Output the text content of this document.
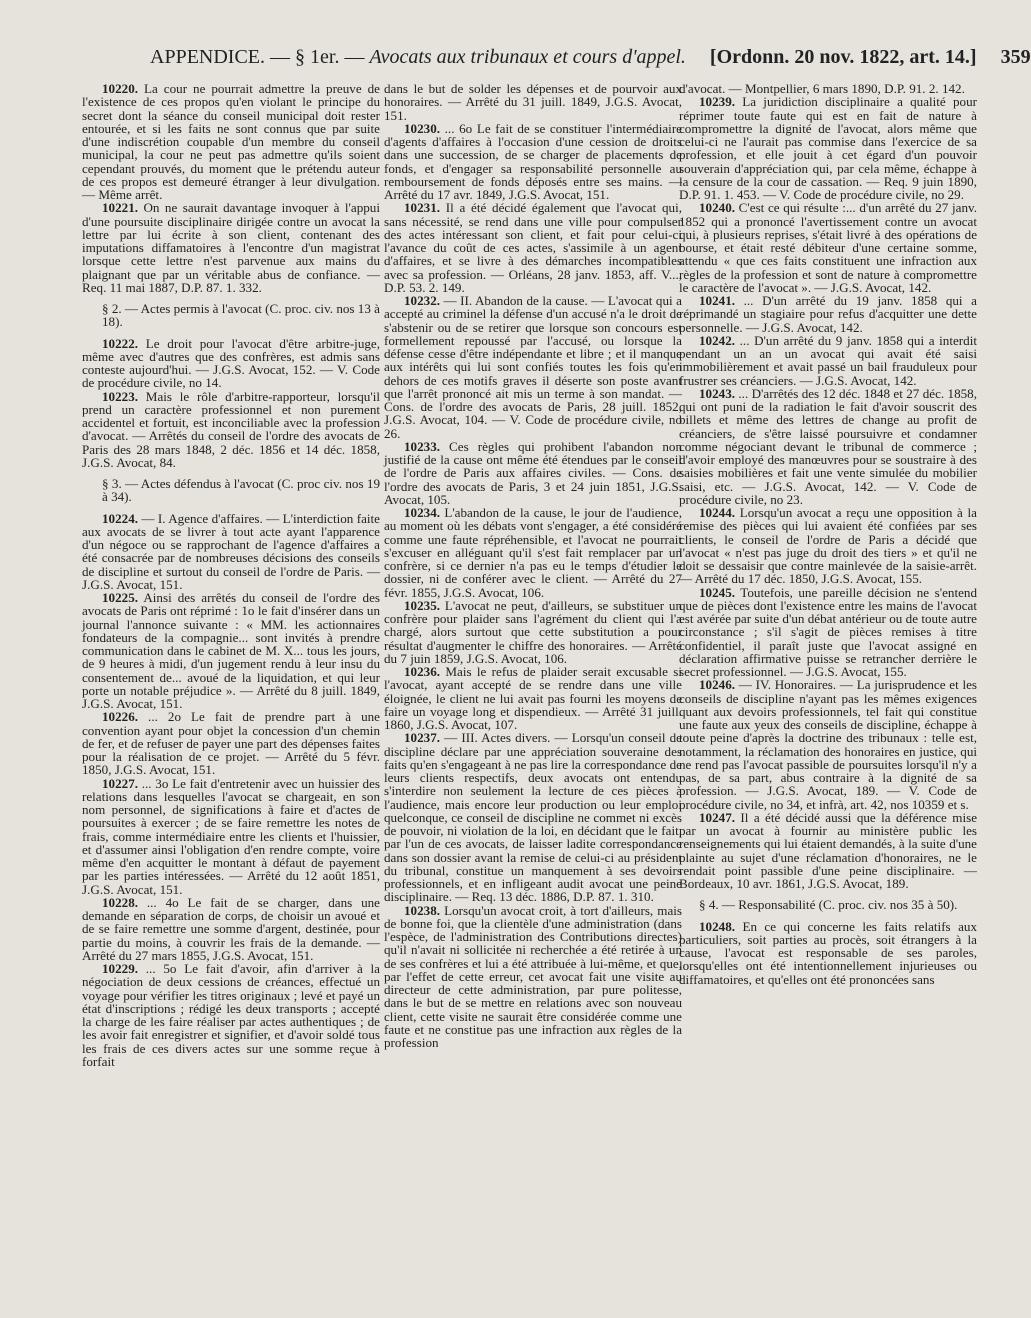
APPENDICE. — § 1er. — Avocats aux tribunaux et cours d'appel. [Ordonn. 20 nov. 1822, art. 14.] 359

10220. La cour ne pourrait admettre la preuve de l'existence de ces propos qu'en violant le principe du secret dont la séance du conseil municipal doit rester entourée, et si les faits ne sont connus que par suite d'une indiscrétion coupable d'un membre du conseil municipal, la cour ne peut pas admettre qu'ils soient cependant prouvés, du moment que le prétendu auteur de ces propos est demeuré étranger à leur divulgation. — Même arrêt.

10221. On ne saurait davantage invoquer à l'appui d'une poursuite disciplinaire dirigée contre un avocat la lettre par lui écrite à son client, contenant des imputations diffamatoires à l'encontre d'un magistrat lorsque cette lettre n'est parvenue aux mains du plaignant que par un véritable abus de confiance. — Req. 11 mai 1887, D.P. 87. 1. 332.

§ 2. — Actes permis à l'avocat (C. proc. civ. nos 13 à 18).

10222. Le droit pour l'avocat d'être arbitre-juge, même avec d'autres que des confrères, est admis sans conteste aujourd'hui. — J.G.S. Avocat, 152. — V. Code de procédure civile, no 14.

10223. Mais le rôle d'arbitre-rapporteur, lorsqu'il prend un caractère professionnel et non purement accidentel et fortuit, est inconciliable avec la profession d'avocat. — Arrêtés du conseil de l'ordre des avocats de Paris des 28 mars 1848, 2 déc. 1856 et 14 déc. 1858, J.G.S. Avocat, 84.

§ 3. — Actes défendus à l'avocat (C. proc civ. nos 19 à 34).

10224. — I. Agence d'affaires. — L'interdiction faite aux avocats de se livrer à tout acte ayant l'apparence d'un négoce ou se rapprochant de l'agence d'affaires a été consacrée par de nombreuses décisions des conseils de discipline et surtout du conseil de l'ordre de Paris. — J.G.S. Avocat, 151.

10225. Ainsi des arrêtés du conseil de l'ordre des avocats de Paris ont réprimé : 1o le fait d'insérer dans un journal l'annonce suivante : « MM. les actionnaires fondateurs de la compagnie... sont invités à prendre communication dans le cabinet de M. X... tous les jours, de 9 heures à midi, d'un jugement rendu à leur insu du consentement de... avoué de la liquidation, et qui leur porte un notable préjudice ». — Arrêté du 8 juill. 1849, J.G.S. Avocat, 151.

10226. ... 2o Le fait de prendre part à une convention ayant pour objet la concession d'un chemin de fer, et de refuser de payer une part des dépenses faites pour la réalisation de ce projet. — Arrêté du 5 févr. 1850, J.G.S. Avocat, 151.

10227. ... 3o Le fait d'entretenir avec un huissier des relations dans lesquelles l'avocat se chargeait, en son nom personnel, de significations à faire et d'actes de poursuites à exercer ; de se faire remettre les notes de frais, comme intermédiaire entre les clients et l'huissier, et d'assumer ainsi l'obligation d'en rendre compte, voire même d'en acquitter le montant à défaut de payement par les parties intéressées. — Arrêté du 12 août 1851, J.G.S. Avocat, 151.

10228. ... 4o Le fait de se charger, dans une demande en séparation de corps, de choisir un avoué et de se faire remettre une somme d'argent, destinée, pour partie du moins, à couvrir les frais de la demande. — Arrêté du 27 mars 1855, J.G.S. Avocat, 151.

10229. ... 5o Le fait d'avoir, afin d'arriver à la négociation de deux cessions de créances, effectué un voyage pour vérifier les titres originaux ; levé et payé un état d'inscriptions ; rédigé les deux transports ; accepté la charge de les faire réaliser par actes authentiques ; de les avoir fait enregistrer et signifier, et d'avoir soldé tous les frais de ces divers actes sur une somme reçue à forfait

dans le but de solder les dépenses et de pourvoir aux honoraires. — Arrêté du 31 juill. 1849, J.G.S. Avocat, 151.

10230. ... 6o Le fait de se constituer l'intermédiaire d'agents d'affaires à l'occasion d'une cession de droits dans une succession, de se charger de placements de fonds, et d'engager sa responsabilité personnelle au remboursement de fonds déposés entre ses mains. — Arrêté du 17 avr. 1849, J.G.S. Avocat, 151.

10231. Il a été décidé également que l'avocat qui, sans nécessité, se rend dans une ville pour compulser des actes intéressant son client, et fait pour celui-ci l'avance du coût de ces actes, s'assimile à un agent d'affaires, et se livre à des démarches incompatibles avec sa profession. — Orléans, 28 janv. 1853, aff. V..., D.P. 53. 2. 149.

10232. — II. Abandon de la cause. — L'avocat qui a accepté au criminel la défense d'un accusé n'a le droit de s'abstenir ou de se retirer que lorsque son concours est formellement repoussé par l'accusé, ou lorsque la défense cesse d'être indépendante et libre ; et il manque aux intérêts qui lui sont confiés toutes les fois qu'en dehors de ces motifs graves il déserte son poste avant que l'arrêt prononcé ait mis un terme à son mandat. — Cons. de l'ordre des avocats de Paris, 28 juill. 1852, J.G.S. Avocat, 104. — V. Code de procédure civile, no 26.

10233. Ces règles qui prohibent l'abandon non justifié de la cause ont même été étendues par le conseil de l'ordre de Paris aux affaires civiles. — Cons. de l'ordre des avocats de Paris, 3 et 24 juin 1851, J.G.S. Avocat, 105.

10234. L'abandon de la cause, le jour de l'audience, au moment où les débats vont s'engager, a été considéré comme une faute répréhensible, et l'avocat ne pourrait s'excuser en alléguant qu'il s'est fait remplacer par un confrère, si ce dernier n'a pas eu le temps d'étudier le dossier, ni de conférer avec le client. — Arrêté du 27 févr. 1855, J.G.S. Avocat, 106.

10235. L'avocat ne peut, d'ailleurs, se substituer un confrère pour plaider sans l'agrément du client qui l'a chargé, alors surtout que cette substitution a pour résultat d'augmenter le chiffre des honoraires. — Arrêté du 7 juin 1859, J.G.S. Avocat, 106.

10236. Mais le refus de plaider serait excusable si l'avocat, ayant accepté de se rendre dans une ville éloignée, le client ne lui avait pas fourni les moyens de faire un voyage long et dispendieux. — Arrêté 31 juill. 1860, J.G.S. Avocat, 107.

10237. — III. Actes divers. — Lorsqu'un conseil de discipline déclare par une appréciation souveraine des faits qu'en s'engageant à ne pas lire la correspondance de leurs clients respectifs, deux avocats ont entendu s'interdire non seulement la lecture de ces pièces à l'audience, mais encore leur production ou leur emploi quelconque, ce conseil de discipline ne commet ni excès de pouvoir, ni violation de la loi, en décidant que le fait, par l'un de ces avocats, de laisser ladite correspondance dans son dossier avant la remise de celui-ci au président du tribunal, constitue un manquement à ses devoirs professionnels, et en infligeant audit avocat une peine disciplinaire. — Req. 13 déc. 1886, D.P. 87. 1. 310.

10238. Lorsqu'un avocat croit, à tort d'ailleurs, mais de bonne foi, que la clientèle d'une administration (dans l'espèce, de l'administration des Contributions directes) qu'il n'avait ni sollicitée ni recherchée a été retirée à un de ses confrères et lui a été attribuée à lui-même, et que, par l'effet de cette erreur, cet avocat fait une visite au directeur de cette administration, par pure politesse, dans le but de se mettre en relations avec son nouveau client, cette visite ne saurait être considérée comme une faute et ne constitue pas une infraction aux règles de la profession

d'avocat. — Montpellier, 6 mars 1890, D.P. 91. 2. 142.

10239. La juridiction disciplinaire a qualité pour réprimer toute faute qui est en fait de nature à compromettre la dignité de l'avocat, alors même que celui-ci ne l'aurait pas commise dans l'exercice de sa profession, et elle jouit à cet égard d'un pouvoir souverain d'appréciation qui, par cela même, échappe à la censure de la cour de cassation. — Req. 9 juin 1890, D.P. 91. 1. 453. — V. Code de procédure civile, no 29.

10240. C'est ce qui résulte :... d'un arrêté du 27 janv. 1852 qui a prononcé l'avertissement contre un avocat qui, à plusieurs reprises, s'était livré à des opérations de bourse, et était resté débiteur d'une certaine somme, attendu « que ces faits constituent une infraction aux règles de la profession et sont de nature à compromettre le caractère de l'avocat ». — J.G.S. Avocat, 142.

10241. ... D'un arrêté du 19 janv. 1858 qui a réprimandé un stagiaire pour refus d'acquitter une dette personnelle. — J.G.S. Avocat, 142.

10242. ... D'un arrêté du 9 janv. 1858 qui a interdit pendant un an un avocat qui avait été saisi immobilièrement et avait passé un bail frauduleux pour frustrer ses créanciers. — J.G.S. Avocat, 142.

10243. ... D'arrêtés des 12 déc. 1848 et 27 déc. 1858, qui ont puni de la radiation le fait d'avoir souscrit des billets et même des lettres de change au profit de créanciers, de s'être laissé poursuivre et condamner comme négociant devant le tribunal de commerce ; d'avoir employé des manœuvres pour se soustraire à des saisies mobilières et fait une vente simulée du mobilier saisi, etc. — J.G.S. Avocat, 142. — V. Code de procédure civile, no 23.

10244. Lorsqu'un avocat a reçu une opposition à la remise des pièces qui lui avaient été confiées par ses clients, le conseil de l'ordre de Paris a décidé que l'avocat « n'est pas juge du droit des tiers » et qu'il ne doit se dessaisir que contre mainlevée de la saisie-arrêt. — Arrêté du 17 déc. 1850, J.G.S. Avocat, 155.

10245. Toutefois, une pareille décision ne s'entend que de pièces dont l'existence entre les mains de l'avocat est avérée par suite d'un débat antérieur ou de toute autre circonstance ; s'il s'agit de pièces remises à titre confidentiel, il paraît juste que l'avocat assigné en déclaration affirmative puisse se retrancher derrière le secret professionnel. — J.G.S. Avocat, 155.

10246. — IV. Honoraires. — La jurisprudence et les conseils de discipline n'ayant pas les mêmes exigences quant aux devoirs professionnels, tel fait qui constitue une faute aux yeux des conseils de discipline, échappe à toute peine d'après la doctrine des tribunaux : telle est, notamment, la réclamation des honoraires en justice, qui ne rend pas l'avocat passible de poursuites lorsqu'il n'y a pas, de sa part, abus contraire à la dignité de sa profession. — J.G.S. Avocat, 189. — V. Code de procédure civile, no 34, et infrà, art. 42, nos 10359 et s.

10247. Il a été décidé aussi que la déférence mise par un avocat à fournir au ministère public les renseignements qui lui étaient demandés, à la suite d'une plainte au sujet d'une réclamation d'honoraires, ne le rendait point passible d'une peine disciplinaire. — Bordeaux, 10 avr. 1861, J.G.S. Avocat, 189.

§ 4. — Responsabilité (C. proc. civ. nos 35 à 50).

10248. En ce qui concerne les faits relatifs aux particuliers, soit parties au procès, soit étrangers à la cause, l'avocat est responsable de ses paroles, lorsqu'elles ont été intentionnellement injurieuses ou diffamatoires, et qu'elles ont été prononcées sans
